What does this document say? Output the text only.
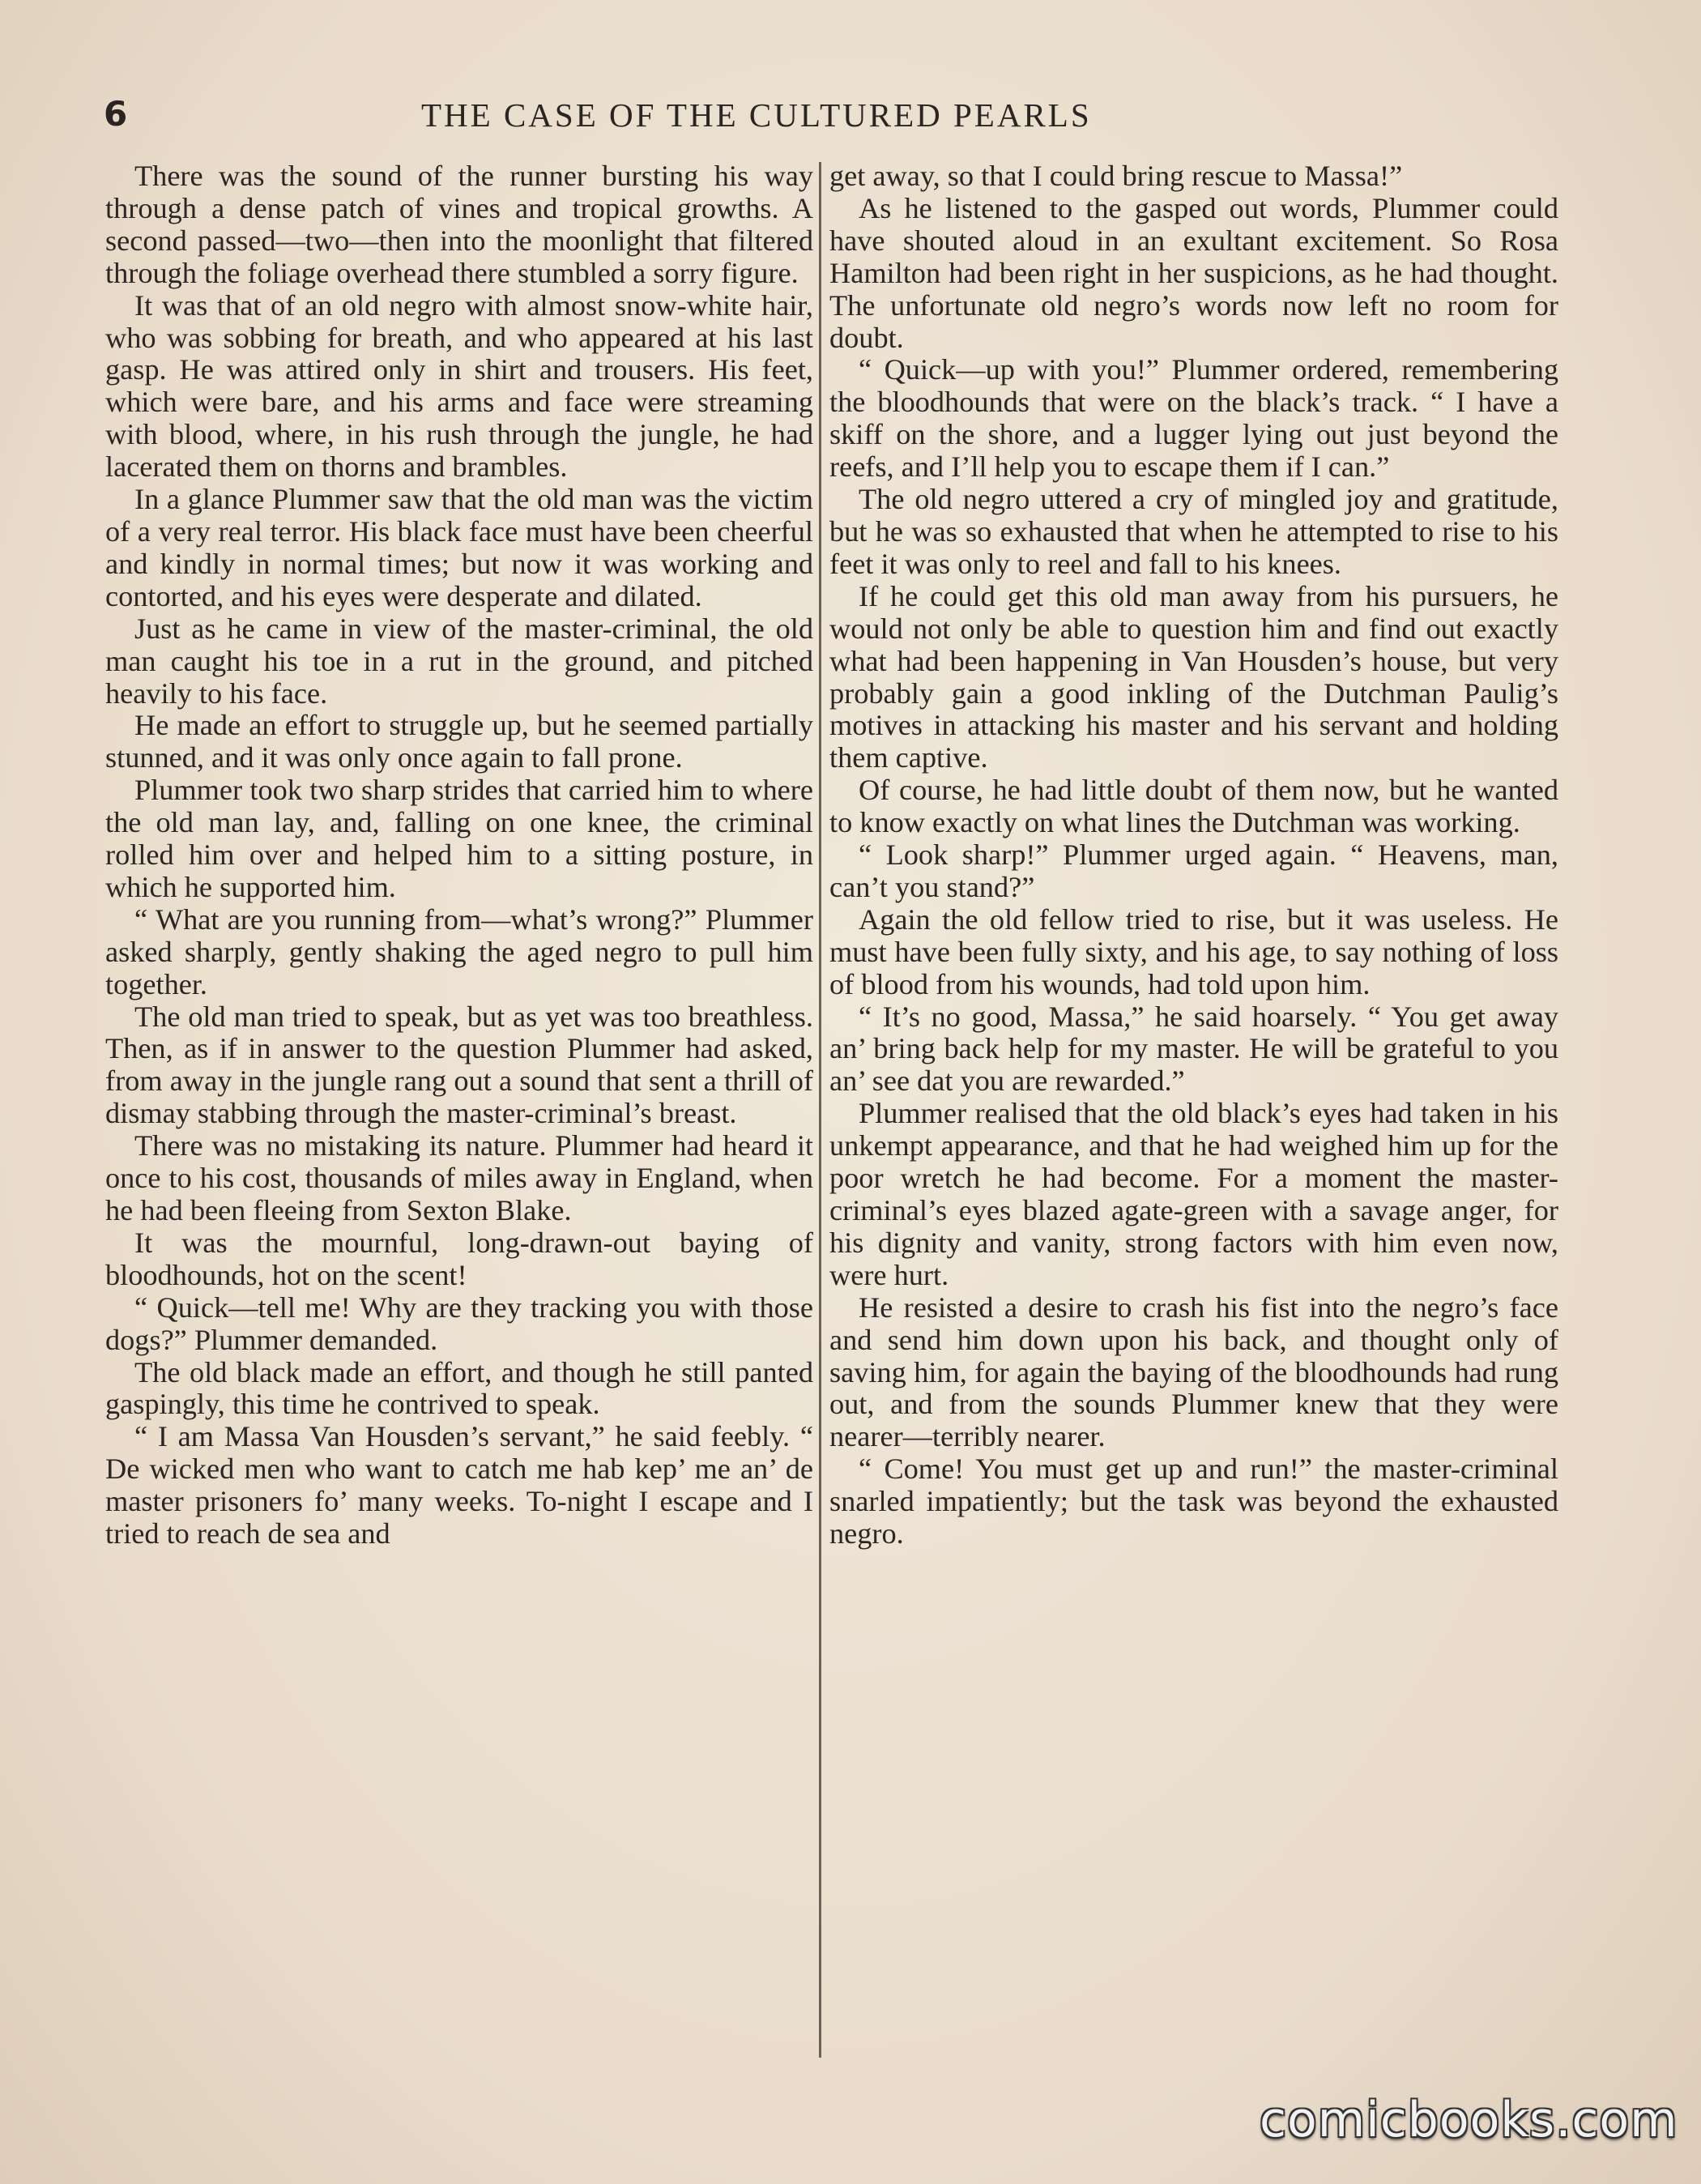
6	THE CASE OF THE CULTURED PEARLS

There was the sound of the runner bursting his way through a dense patch of vines and tropical growths. A second passed—two—then into the moonlight that filtered through the foliage overhead there stumbled a sorry figure.

It was that of an old negro with almost snow-white hair, who was sobbing for breath, and who appeared at his last gasp. He was attired only in shirt and trousers. His feet, which were bare, and his arms and face were streaming with blood, where, in his rush through the jungle, he had lacerated them on thorns and brambles.

In a glance Plummer saw that the old man was the victim of a very real terror. His black face must have been cheerful and kindly in normal times; but now it was working and contorted, and his eyes were desperate and dilated.

Just as he came in view of the master-criminal, the old man caught his toe in a rut in the ground, and pitched heavily to his face.

He made an effort to struggle up, but he seemed partially stunned, and it was only once again to fall prone.

Plummer took two sharp strides that carried him to where the old man lay, and, falling on one knee, the criminal rolled him over and helped him to a sitting posture, in which he supported him.

“ What are you running from—what’s wrong?” Plummer asked sharply, gently shaking the aged negro to pull him together.

The old man tried to speak, but as yet was too breathless. Then, as if in answer to the question Plummer had asked, from away in the jungle rang out a sound that sent a thrill of dismay stabbing through the master-criminal’s breast.

There was no mistaking its nature. Plummer had heard it once to his cost, thousands of miles away in England, when he had been fleeing from Sexton Blake.

It was the mournful, long-drawn-out baying of bloodhounds, hot on the scent!

“ Quick—tell me! Why are they tracking you with those dogs?” Plummer demanded.

The old black made an effort, and though he still panted gaspingly, this time he contrived to speak.

“ I am Massa Van Housden’s servant,” he said feebly. “ De wicked men who want to catch me hab kep’ me an’ de master prisoners fo’ many weeks. To-night I escape and I tried to reach de sea and

get away, so that I could bring rescue to Massa!”

As he listened to the gasped out words, Plummer could have shouted aloud in an exultant excitement. So Rosa Hamilton had been right in her suspicions, as he had thought. The unfortunate old negro’s words now left no room for doubt.

“ Quick—up with you!” Plummer ordered, remembering the bloodhounds that were on the black’s track. “ I have a skiff on the shore, and a lugger lying out just beyond the reefs, and I’ll help you to escape them if I can.”

The old negro uttered a cry of mingled joy and gratitude, but he was so exhausted that when he attempted to rise to his feet it was only to reel and fall to his knees.

If he could get this old man away from his pursuers, he would not only be able to question him and find out exactly what had been happening in Van Housden’s house, but very probably gain a good inkling of the Dutchman Paulig’s motives in attacking his master and his servant and holding them captive.

Of course, he had little doubt of them now, but he wanted to know exactly on what lines the Dutchman was working.

“ Look sharp!” Plummer urged again. “ Heavens, man, can’t you stand?”

Again the old fellow tried to rise, but it was useless. He must have been fully sixty, and his age, to say nothing of loss of blood from his wounds, had told upon him.

“ It’s no good, Massa,” he said hoarsely. “ You get away an’ bring back help for my master. He will be grateful to you an’ see dat you are rewarded.”

Plummer realised that the old black’s eyes had taken in his unkempt appearance, and that he had weighed him up for the poor wretch he had become. For a moment the master-criminal’s eyes blazed agate-green with a savage anger, for his dignity and vanity, strong factors with him even now, were hurt.

He resisted a desire to crash his fist into the negro’s face and send him down upon his back, and thought only of saving him, for again the baying of the bloodhounds had rung out, and from the sounds Plummer knew that they were nearer—terribly nearer.

“ Come! You must get up and run!” the master-criminal snarled impatiently; but the task was beyond the exhausted negro.

comicbooks.com
